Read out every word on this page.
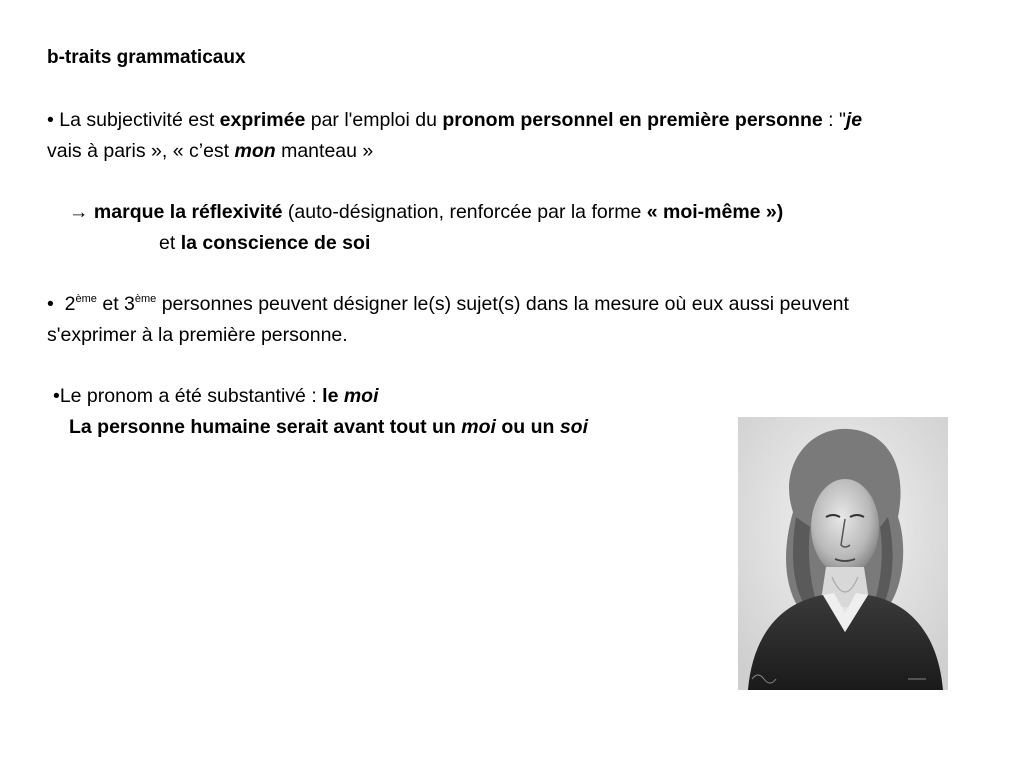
b-traits grammaticaux
• La subjectivité est exprimée par l'emploi du pronom personnel en première personne : "je
vais à paris », « c’est mon manteau »
→ marque la réflexivité (auto-désignation, renforcée par la forme « moi-même »)
et la conscience de soi
• 2ème et 3ème personnes peuvent désigner le(s) sujet(s) dans la mesure où eux aussi peuvent
s'exprimer à la première personne.
•Le pronom a été substantivé : le moi
La personne humaine serait avant tout un moi ou un soi
